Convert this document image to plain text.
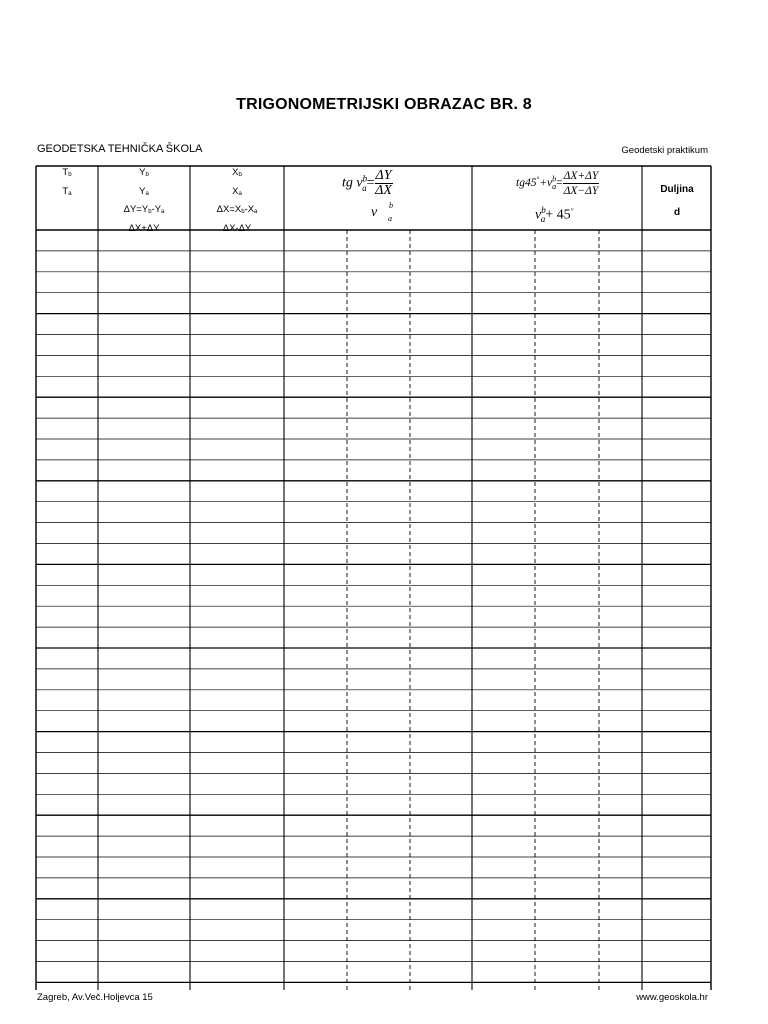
TRIGONOMETRIJSKI OBRAZAC BR. 8
GEODETSKA TEHNIČKA ŠKOLA	Geodetski praktikum
$T_b$
$T_a$
$Y_b$
$Y_a$
$\Delta Y=Y_b-Y_a$
ΔX+ΔY
$X_b$
$X_a$
$\Delta X=X_b-X_a$
ΔX-ΔY
tg $\nu^b_a= \frac{\Delta Y}{\Delta X}$
ν b
a
$tg45^\circ+\nu^b_a= \frac{\Delta X+\Delta Y}{\Delta X-\Delta Y}$
$\nu^b_a+ 45^\circ$
Duljina
d
Zagreb, Av.Več.Holjevca 15	www.geoskola.hr
